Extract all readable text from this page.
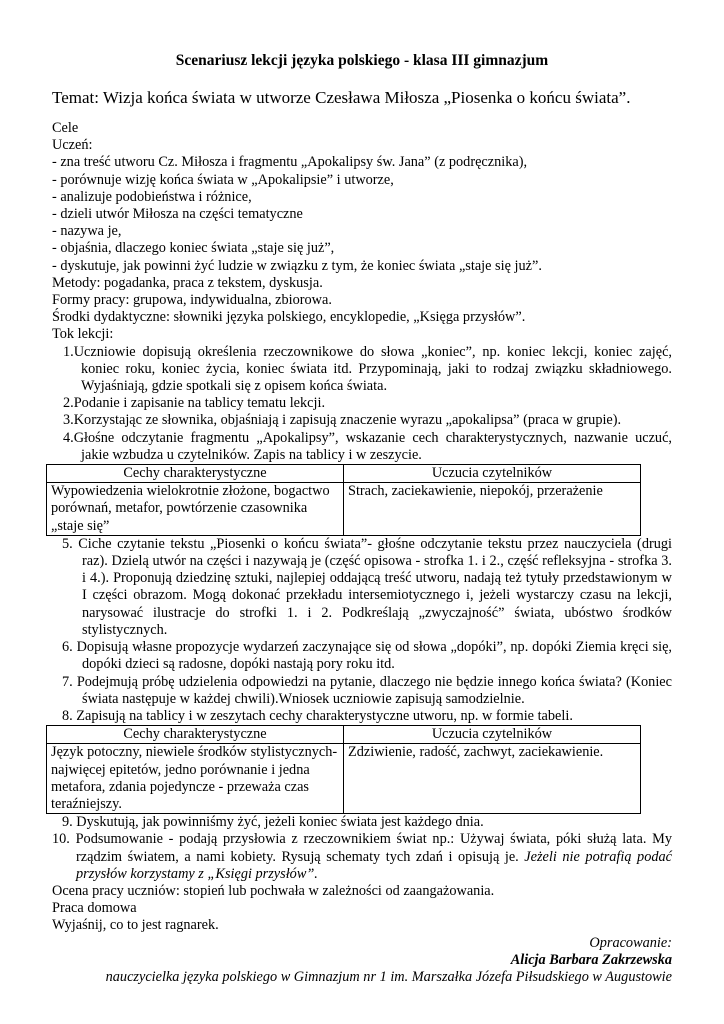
Scenariusz lekcji języka polskiego - klasa III gimnazjum
Temat: Wizja końca świata w utworze Czesława Miłosza „Piosenka o końcu świata”.

Cele

Uczeń:

- zna treść utworu Cz. Miłosza i fragmentu „Apokalipsy św. Jana” (z podręcznika),

- porównuje wizję końca świata w „Apokalipsie” i utworze,

- analizuje podobieństwa i różnice,

- dzieli utwór Miłosza na części tematyczne

- nazywa je,

- objaśnia, dlaczego koniec świata „staje się już”,

- dyskutuje, jak powinni żyć ludzie w związku z tym, że koniec świata „staje się już”.

Metody: pogadanka, praca z tekstem, dyskusja.

Formy pracy: grupowa, indywidualna, zbiorowa.

Środki dydaktyczne: słowniki języka polskiego, encyklopedie, „Księga przysłów”.

Tok lekcji:

1.Uczniowie dopisują określenia rzeczownikowe do słowa „koniec”, np. koniec lekcji, koniec zajęć, koniec roku, koniec życia, koniec świata itd. Przypominają, jaki to rodzaj związku składniowego. Wyjaśniają, gdzie spotkali się z opisem końca świata.

2.Podanie i zapisanie na tablicy tematu lekcji.

3.Korzystając ze słownika, objaśniają i zapisują znaczenie wyrazu „apokalipsa” (praca w grupie).

4.Głośne odczytanie fragmentu „Apokalipsy”, wskazanie cech charakterystycznych, nazwanie uczuć, jakie wzbudza u czytelników. Zapis na tablicy i w zeszycie.

Cechy charakterystyczne	Uczucia czytelników
Wypowiedzenia wielokrotnie złożone, bogactwo porównań, metafor, powtórzenie czasownika „staje się”	Strach, zaciekawienie, niepokój, przerażenie

5. Ciche czytanie tekstu „Piosenki o końcu świata”- głośne odczytanie tekstu przez nauczyciela (drugi raz). Dzielą utwór na części i nazywają je (część opisowa - strofka 1. i 2., część refleksyjna - strofka 3. i 4.). Proponują dziedzinę sztuki, najlepiej oddającą treść utworu, nadają też tytuły przedstawionym w I części obrazom. Mogą dokonać przekładu intersemiotycznego i, jeżeli wystarczy czasu na lekcji, narysować ilustracje do strofki 1. i 2. Podkreślają „zwyczajność” świata, ubóstwo środków stylistycznych.

6. Dopisują własne propozycje wydarzeń zaczynające się od słowa „dopóki”, np. dopóki Ziemia kręci się, dopóki dzieci są radosne, dopóki nastają pory roku itd.

7. Podejmują próbę udzielenia odpowiedzi na pytanie, dlaczego nie będzie innego końca świata? (Koniec świata następuje w każdej chwili).Wniosek uczniowie zapisują samodzielnie.

8. Zapisują na tablicy i w zeszytach cechy charakterystyczne utworu, np. w formie tabeli.

Cechy charakterystyczne	Uczucia czytelników
Język potoczny, niewiele środków stylistycznych- najwięcej epitetów, jedno porównanie i jedna metafora, zdania pojedyncze - przeważa czas teraźniejszy.	Zdziwienie, radość, zachwyt, zaciekawienie.

9. Dyskutują, jak powinniśmy żyć, jeżeli koniec świata jest każdego dnia.

10. Podsumowanie - podają przysłowia z rzeczownikiem świat np.: Używaj świata, póki służą lata. My rządzim światem, a nami kobiety. Rysują schematy tych zdań i opisują je. Jeżeli nie potrafią podać przysłów korzystamy z „Księgi przysłów”.

Ocena pracy uczniów: stopień lub pochwała w zależności od zaangażowania.

Praca domowa

Wyjaśnij, co to jest ragnarek.

Opracowanie:

Alicja Barbara Zakrzewska

nauczycielka języka polskiego w Gimnazjum nr 1 im. Marszałka Józefa Piłsudskiego w Augustowie
